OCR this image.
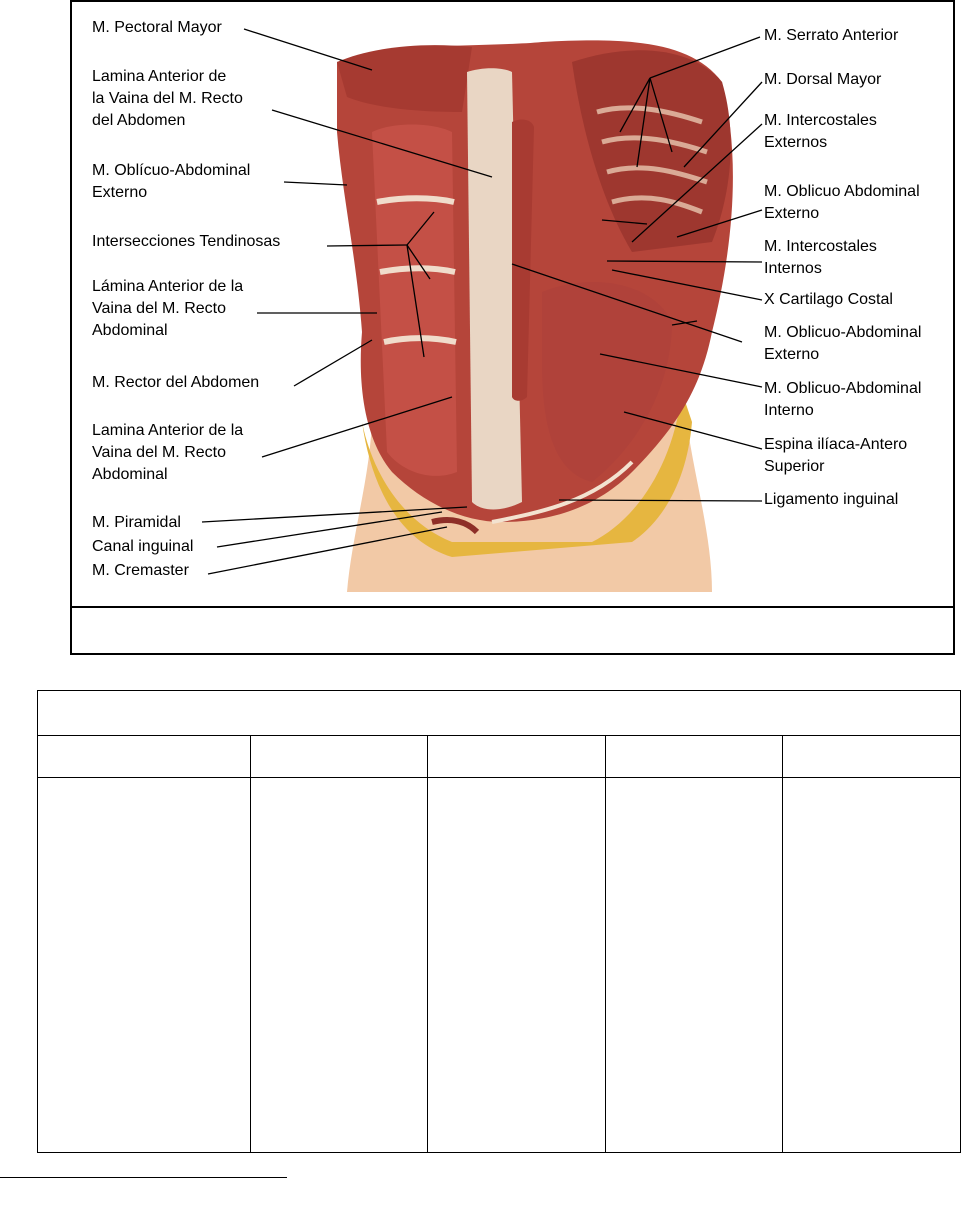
M. Pectoral Mayor
Lamina Anterior de
la Vaina del M. Recto
del Abdomen
M. Oblícuo-Abdominal
Externo
Intersecciones Tendinosas
Lámina Anterior de la
Vaina del M. Recto
Abdominal
M. Rector del Abdomen
Lamina Anterior de la
Vaina del M. Recto
Abdominal
M. Piramidal
Canal inguinal
M. Cremaster
M. Serrato Anterior
M. Dorsal Mayor
M. Intercostales
Externos
M. Oblicuo Abdominal
Externo
M. Intercostales
Internos
X Cartilago Costal
M. Oblicuo-Abdominal
Externo
M. Oblicuo-Abdominal
Interno
Espina ilíaca-Antero
Superior
Ligamento inguinal
